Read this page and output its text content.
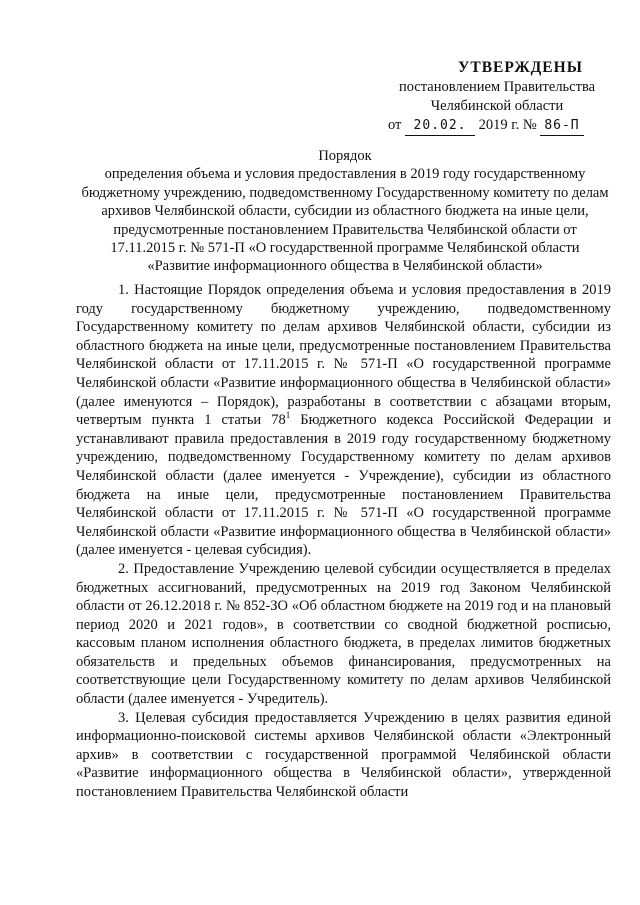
УТВЕРЖДЕНЫ
постановлением Правительства
Челябинской области
от 20.02. 2019 г. № 86-П
Порядок
определения объема и условия предоставления в 2019 году государственному бюджетному учреждению, подведомственному Государственному комитету по делам архивов Челябинской области, субсидии из областного бюджета на иные цели, предусмотренные постановлением Правительства Челябинской области от 17.11.2015 г. № 571-П «О государственной программе Челябинской области «Развитие информационного общества в Челябинской области»

1. Настоящие Порядок определения объема и условия предоставления в 2019 году государственному бюджетному учреждению, подведомственному Государственному комитету по делам архивов Челябинской области, субсидии из областного бюджета на иные цели, предусмотренные постановлением Правительства Челябинской области от 17.11.2015 г. № 571-П «О государственной программе Челябинской области «Развитие информационного общества в Челябинской области» (далее именуются – Порядок), разработаны в соответствии с абзацами вторым, четвертым пункта 1 статьи $78^1$ Бюджетного кодекса Российской Федерации и устанавливают правила предоставления в 2019 году государственному бюджетному учреждению, подведомственному Государственному комитету по делам архивов Челябинской области (далее именуется - Учреждение), субсидии из областного бюджета на иные цели, предусмотренные постановлением Правительства Челябинской области от 17.11.2015 г. № 571-П «О государственной программе Челябинской области «Развитие информационного общества в Челябинской области» (далее именуется - целевая субсидия).

2. Предоставление Учреждению целевой субсидии осуществляется в пределах бюджетных ассигнований, предусмотренных на 2019 год Законом Челябинской области от 26.12.2018 г. № 852-ЗО «Об областном бюджете на 2019 год и на плановый период 2020 и 2021 годов», в соответствии со сводной бюджетной росписью, кассовым планом исполнения областного бюджета, в пределах лимитов бюджетных обязательств и предельных объемов финансирования, предусмотренных на соответствующие цели Государственному комитету по делам архивов Челябинской области (далее именуется - Учредитель).

3. Целевая субсидия предоставляется Учреждению в целях развития единой информационно-поисковой системы архивов Челябинской области «Электронный архив» в соответствии с государственной программой Челябинской области «Развитие информационного общества в Челябинской области», утвержденной постановлением Правительства Челябинской области
